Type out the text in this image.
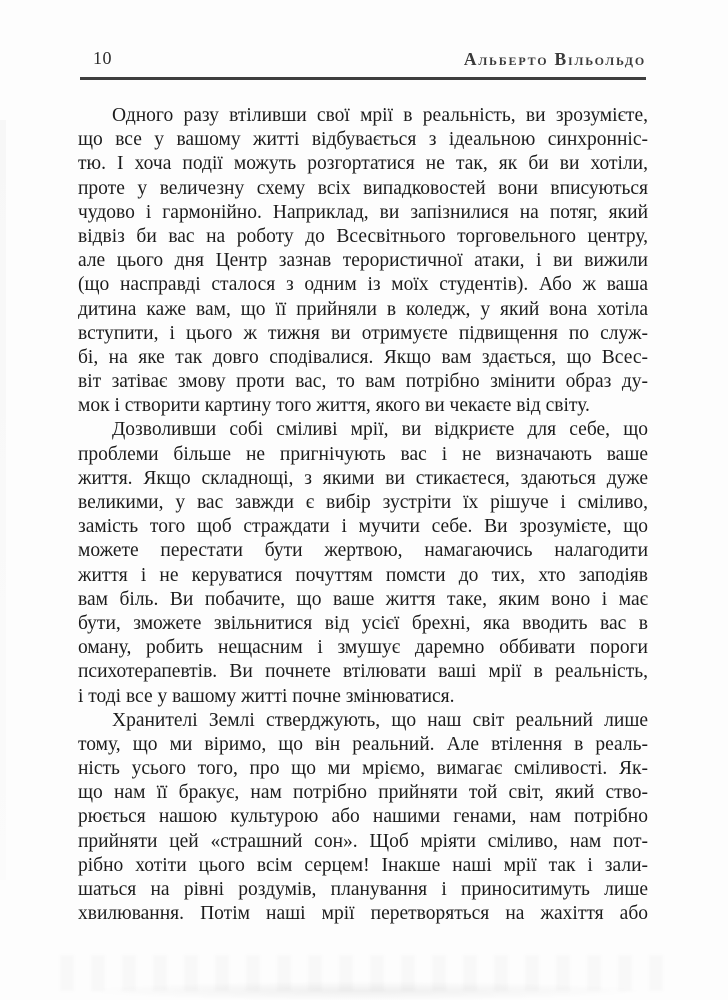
10	Альберто Вільольдо
Одного разу втіливши свої мрії в реальність, ви зрозумієте,
що все у вашому житті відбувається з ідеальною синхронніс-
тю. І хоча події можуть розгортатися не так, як би ви хотіли,
проте у величезну схему всіх випадковостей вони вписуються
чудово і гармонійно. Наприклад, ви запізнилися на потяг, який
відвіз би вас на роботу до Всесвітнього торговельного центру,
але цього дня Центр зазнав терористичної атаки, і ви вижили
(що насправді сталося з одним із моїх студентів). Або ж ваша
дитина каже вам, що її прийняли в коледж, у який вона хотіла
вступити, і цього ж тижня ви отримуєте підвищення по служ-
бі, на яке так довго сподівалися. Якщо вам здається, що Всес-
віт затіває змову проти вас, то вам потрібно змінити образ ду-
мок і створити картину того життя, якого ви чекаєте від світу.
Дозволивши собі сміливі мрії, ви відкриєте для себе, що
проблеми більше не пригнічують вас і не визначають ваше
життя. Якщо складнощі, з якими ви стикаєтеся, здаються дуже
великими, у вас завжди є вибір зустріти їх рішуче і сміливо,
замість того щоб страждати і мучити себе. Ви зрозумієте, що
можете перестати бути жертвою, намагаючись налагодити
життя і не керуватися почуттям помсти до тих, хто заподіяв
вам біль. Ви побачите, що ваше життя таке, яким воно і має
бути, зможете звільнитися від усієї брехні, яка вводить вас в
оману, робить нещасним і змушує даремно оббивати пороги
психотерапевтів. Ви почнете втілювати ваші мрії в реальність,
і тоді все у вашому житті почне змінюватися.
Хранителі Землі стверджують, що наш світ реальний лише
тому, що ми віримо, що він реальний. Але втілення в реаль-
ність усього того, про що ми мріємо, вимагає сміливості. Як-
що нам її бракує, нам потрібно прийняти той світ, який ство-
рюється нашою культурою або нашими генами, нам потрібно
прийняти цей «страшний сон». Щоб мріяти сміливо, нам пот-
рібно хотіти цього всім серцем! Інакше наші мрії так і зали-
шаться на рівні роздумів, планування і приноситимуть лише
хвилювання. Потім наші мрії перетворяться на жахіття або
